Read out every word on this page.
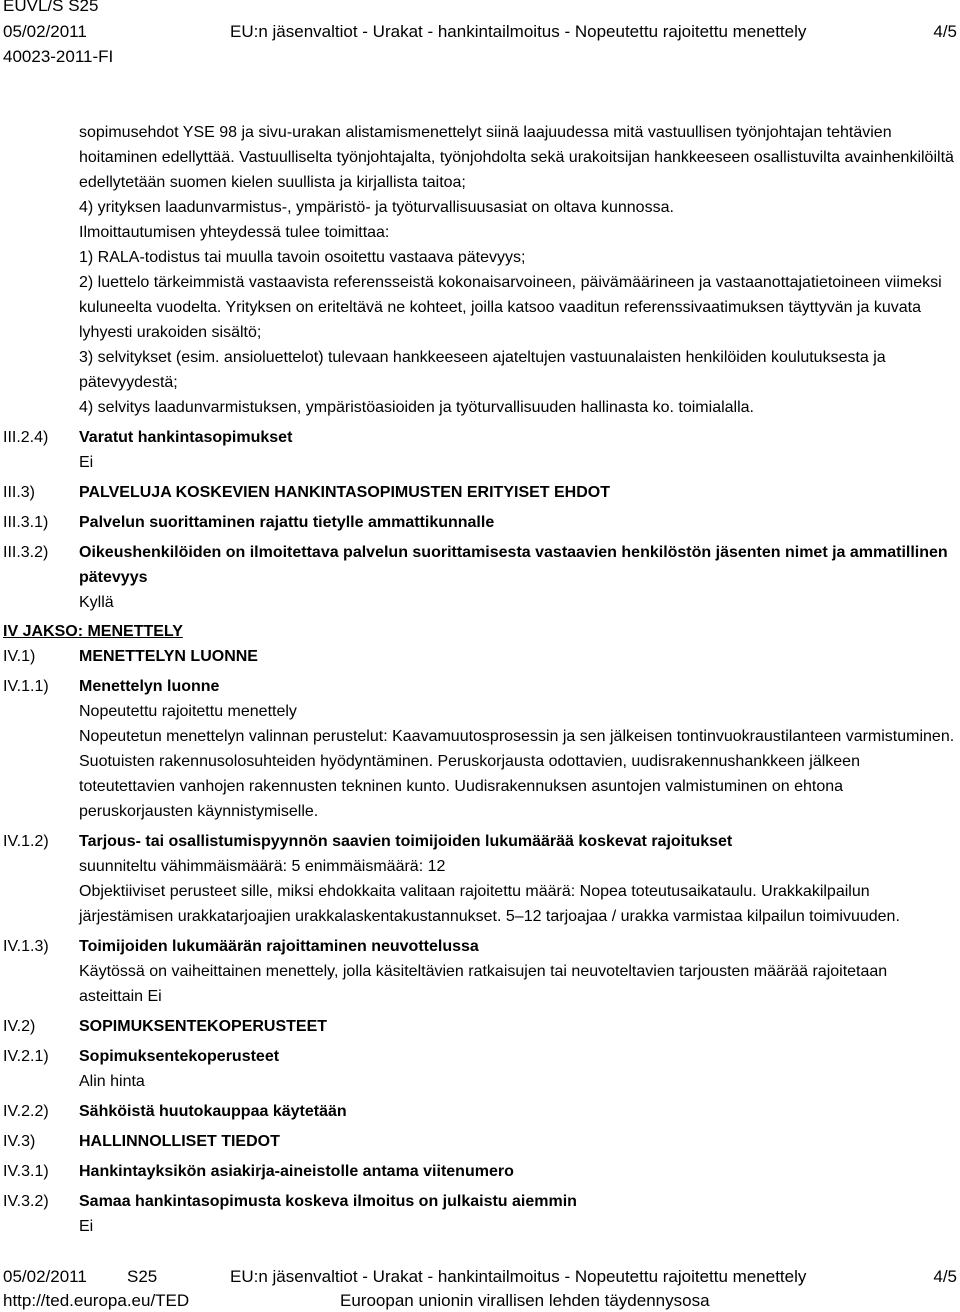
EUVL/S S25
05/02/2011
40023-2011-FI
EU:n jäsenvaltiot - Urakat - hankintailmoitus - Nopeutettu rajoitettu menettely	4/5

sopimusehdot YSE 98 ja sivu-urakan alistamismenettelyt siinä laajuudessa mitä vastuullisen työnjohtajan tehtävien hoitaminen edellyttää. Vastuulliselta työnjohtajalta, työnjohdolta sekä urakoitsijan hankkeeseen osallistuvilta avainhenkilöiltä edellytetään suomen kielen suullista ja kirjallista taitoa;

4) yrityksen laadunvarmistus-, ympäristö- ja työturvallisuusasiat on oltava kunnossa.

Ilmoittautumisen yhteydessä tulee toimittaa:

1) RALA-todistus tai muulla tavoin osoitettu vastaava pätevyys;

2) luettelo tärkeimmistä vastaavista referensseistä kokonaisarvoineen, päivämäärineen ja vastaanottajatietoineen viimeksi kuluneelta vuodelta. Yrityksen on eriteltävä ne kohteet, joilla katsoo vaaditun referenssivaatimuksen täyttyvän ja kuvata lyhyesti urakoiden sisältö;

3) selvitykset (esim. ansioluettelot) tulevaan hankkeeseen ajateltujen vastuunalaisten henkilöiden koulutuksesta ja pätevyydestä;

4) selvitys laadunvarmistuksen, ympäristöasioiden ja työturvallisuuden hallinasta ko. toimialalla.

III.2.4) Varatut hankintasopimukset

Ei

III.3)	PALVELUJA KOSKEVIEN HANKINTASOPIMUSTEN ERITYISET EHDOT

III.3.1) Palvelun suorittaminen rajattu tietylle ammattikunnalle

III.3.2) Oikeushenkilöiden on ilmoitettava palvelun suorittamisesta vastaavien henkilöstön jäsenten nimet ja ammatillinen pätevyys

Kyllä

IV JAKSO: MENETTELY
IV.1)	MENETTELYN LUONNE

IV.1.1) Menettelyn luonne

Nopeutettu rajoitettu menettely

Nopeutetun menettelyn valinnan perustelut: Kaavamuutosprosessin ja sen jälkeisen tontinvuokraustilanteen varmistuminen. Suotuisten rakennusolosuhteiden hyödyntäminen. Peruskorjausta odottavien, uudisrakennushankkeen jälkeen toteutettavien vanhojen rakennusten tekninen kunto. Uudisrakennuksen asuntojen valmistuminen on ehtona peruskorjausten käynnistymiselle.

IV.1.2) Tarjous- tai osallistumispyynnön saavien toimijoiden lukumäärää koskevat rajoitukset

suunniteltu vähimmäismäärä: 5 enimmäismäärä: 12

Objektiiviset perusteet sille, miksi ehdokkaita valitaan rajoitettu määrä: Nopea toteutusaikataulu. Urakkakilpailun järjestämisen urakkatarjoajien urakkalaskentakustannukset. 5–12 tarjoajaa / urakka varmistaa kilpailun toimivuuden.

IV.1.3) Toimijoiden lukumäärän rajoittaminen neuvottelussa

Käytössä on vaiheittainen menettely, jolla käsiteltävien ratkaisujen tai neuvoteltavien tarjousten määrää rajoitetaan asteittain Ei

IV.2)	SOPIMUKSENTEKOPERUSTEET

IV.2.1) Sopimuksentekoperusteet

Alin hinta

IV.2.2) Sähköistä huutokauppaa käytetään

IV.3)	HALLINNOLLISET TIEDOT

IV.3.1) Hankintayksikön asiakirja-aineistolle antama viitenumero

IV.3.2) Samaa hankintasopimusta koskeva ilmoitus on julkaistu aiemmin

Ei

05/02/2011 S25	EU:n jäsenvaltiot - Urakat - hankintailmoitus - Nopeutettu rajoitettu menettely	4/5
http://ted.europa.eu/TED	Euroopan unionin virallisen lehden täydennysosa
